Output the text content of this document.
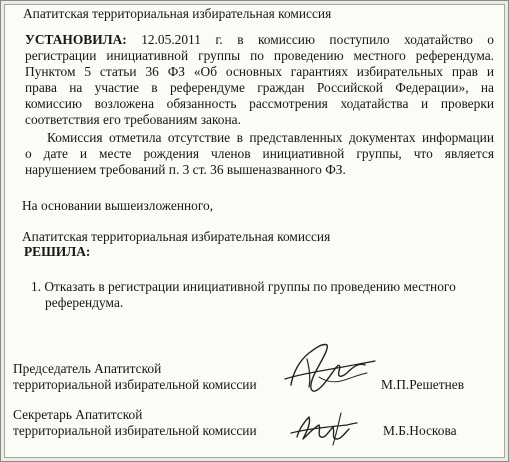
Апатитская территориальная избирательная комиссия
УСТАНОВИЛА: 12.05.2011 г. в комиссию поступило ходатайство о
регистрации инициативной группы по проведению местного референдума.
Пунктом 5 статьи 36 ФЗ «Об основных гарантиях избирательных прав и
права на участие в референдуме граждан Российской Федерации», на
комиссию возложена обязанность рассмотрения ходатайства и проверки
соответствия его требованиям закона.
Комиссия отметила отсутствие в представленных документах информации
о дате и месте рождения членов инициативной группы, что является
нарушением требований п. 3 ст. 36 вышеназванного ФЗ.
На основании вышеизложенного,
Апатитская территориальная избирательная комиссия
РЕШИЛА:
1. Отказать в регистрации инициативной группы по проведению местного
референдума.
Председатель Апатитской
территориальной избирательной комиссии	М.П.Решетнев
Секретарь Апатитской
территориальной избирательной комиссии	М.Б.Носкова
